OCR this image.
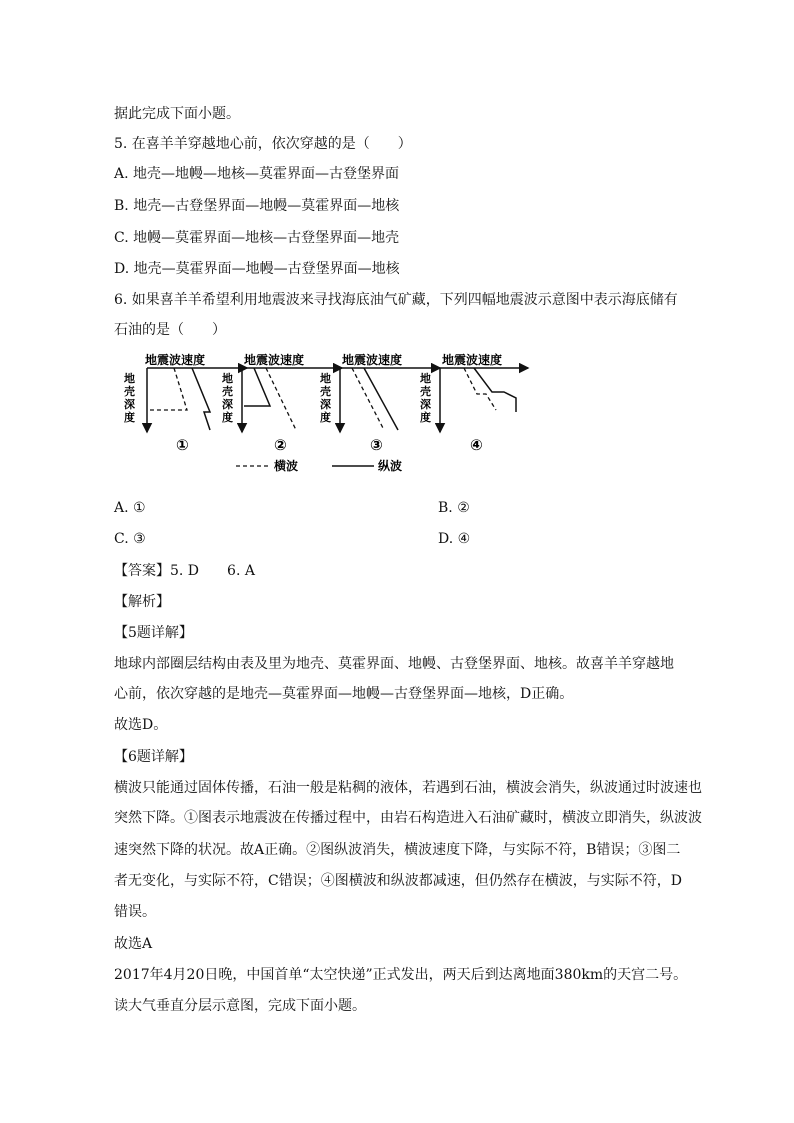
据此完成下面小题。
5. 在喜羊羊穿越地心前，依次穿越的是（　　）
A. 地壳—地幔—地核—莫霍界面—古登堡界面
B. 地壳—古登堡界面—地幔—莫霍界面—地核
C. 地幔—莫霍界面—地核—古登堡界面—地壳
D. 地壳—莫霍界面—地幔—古登堡界面—地核
6. 如果喜羊羊希望利用地震波来寻找海底油气矿藏，下列四幅地震波示意图中表示海底储有
石油的是（　　）
地震波速度
地
壳
深
度
①
地震波速度
地
壳
深
度
②
地震波速度
地
壳
深
度
③
地震波速度
地
壳
深
度
④
横波	纵波
A. ①	B. ②
C. ③	D. ④
【答案】5. D　　6. A
【解析】
【5题详解】
地球内部圈层结构由表及里为地壳、莫霍界面、地幔、古登堡界面、地核。故喜羊羊穿越地
心前，依次穿越的是地壳—莫霍界面—地幔—古登堡界面—地核，D正确。
故选D。
【6题详解】
横波只能通过固体传播，石油一般是粘稠的液体，若遇到石油，横波会消失，纵波通过时波速也
突然下降。①图表示地震波在传播过程中，由岩石构造进入石油矿藏时，横波立即消失，纵波波
速突然下降的状况。故A正确。②图纵波消失，横波速度下降，与实际不符，B错误；③图二
者无变化，与实际不符，C错误；④图横波和纵波都减速，但仍然存在横波，与实际不符，D
错误。
故选A
2017年4月20日晚，中国首单“太空快递”正式发出，两天后到达离地面380km的天宫二号。
读大气垂直分层示意图，完成下面小题。
